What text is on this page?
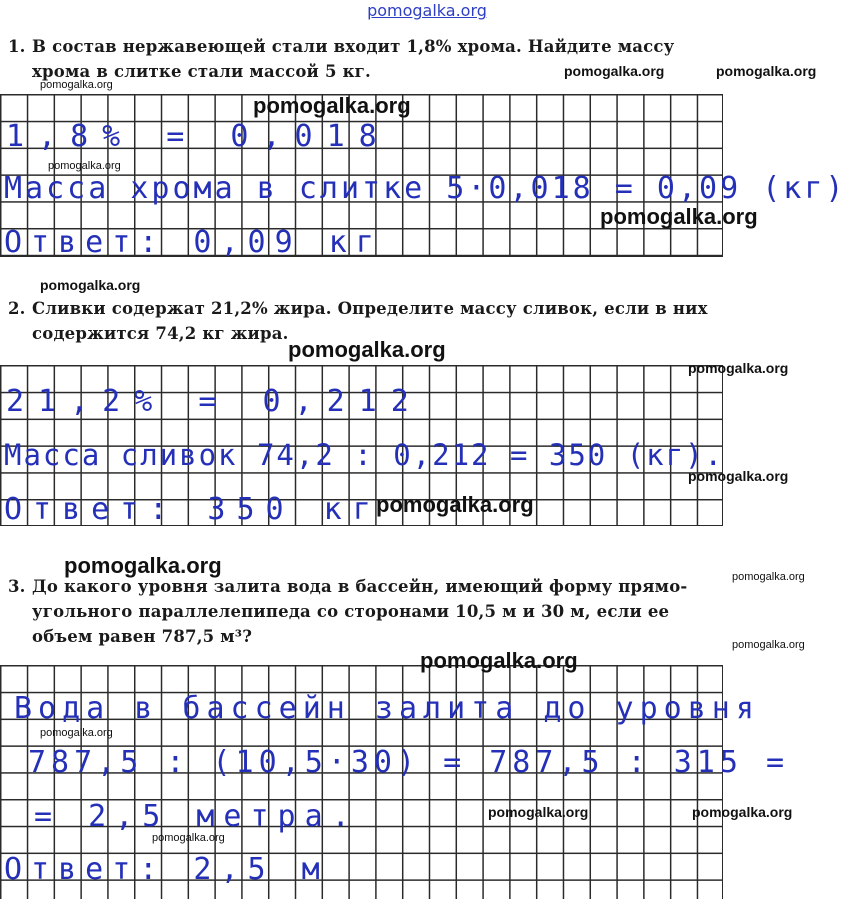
pomogalka.org
1. В состав нержавеющей стали входит 1,8% хрома. Найдите массу
хрома в слитке стали массой 5 кг.
1,8% = 0,018
Масса хрома в слитке 5·0,018 = 0,09 (кг)
Ответ: 0,09 кг
2. Сливки содержат 21,2% жира. Определите массу сливок, если в них
содержится 74,2 кг жира.
21,2% = 0,212
Масса сливок 74,2 : 0,212 = 350 (кг).
Ответ: 350 кг
3. До какого уровня залита вода в бассейн, имеющий форму прямо-
угольного параллелепипеда со сторонами 10,5 м и 30 м, если ее
объем равен 787,5 м³?
Вода в бассейн залита до уровня
787,5 : (10,5·30) = 787,5 : 315 =
= 2,5 метра.
Ответ: 2,5 м
pomogalka.org
pomogalka.org	pomogalka.org
pomogalka.org
pomogalka.org
pomogalka.org
pomogalka.org
pomogalka.org
pomogalka.org
pomogalka.org
pomogalka.org
pomogalka.org	pomogalka.org
pomogalka.org
pomogalka.org
pomogalka.org
pomogalka.org	pomogalka.org
pomogalka.org
